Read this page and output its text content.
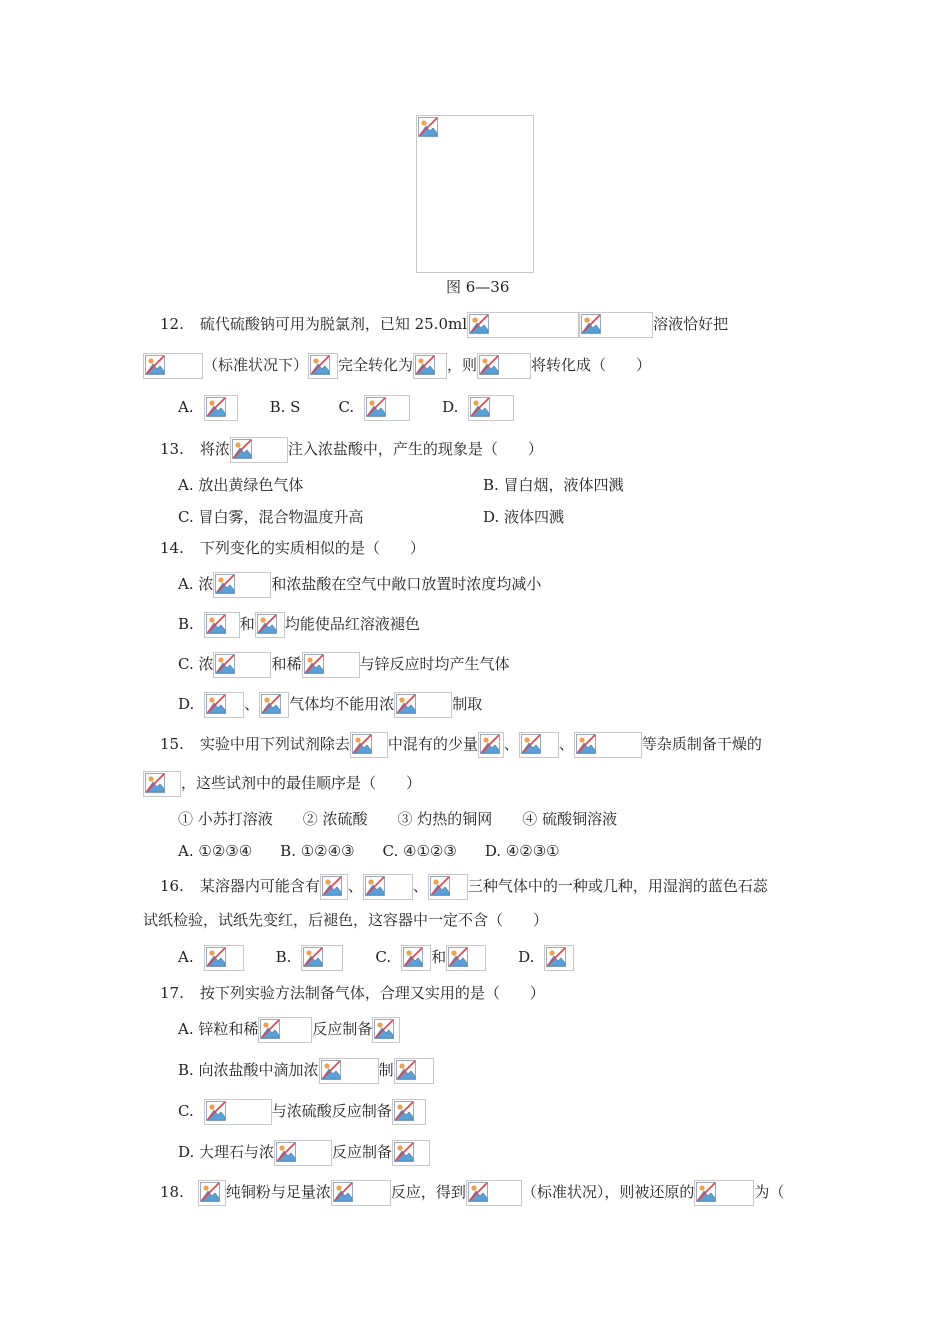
图 6—36
12. 硫代硫酸钠可用为脱氯剂，已知 25.0ml	溶液恰好把
（标准状况下） 完全转化为 ，则	将转化成（　　）
A.	B. S	C.	D.
13. 将浓	注入浓盐酸中，产生的现象是（　　）
A. 放出黄绿色气体	B. 冒白烟，液体四溅
C. 冒白雾，混合物温度升高	D. 液体四溅
14. 下列变化的实质相似的是（　　）
A. 浓	和浓盐酸在空气中敞口放置时浓度均减小
B.	和 均能使品红溶液褪色
C. 浓	和稀	与锌反应时均产生气体
D.	、 气体均不能用浓	制取
15. 实验中用下列试剂除去	中混有的少量 、	、	等杂质制备干燥的
，这些试剂中的最佳顺序是（　　）
① 小苏打溶液　　② 浓硫酸　　③ 灼热的铜网　　④ 硫酸铜溶液
A. ①②③④ B. ①②④③ C. ④①②③ D. ④②③①
16. 某溶器内可能含有 、	、	三种气体中的一种或几种，用湿润的蓝色石蕊
试纸检验，试纸先变红，后褪色，这容器中一定不含（　　）
A.	B.	C.	和	D.
17. 按下列实验方法制备气体，合理又实用的是（　　）
A. 锌粒和稀	反应制备
B. 向浓盐酸中滴加浓	制
C.	与浓硫酸反应制备
D. 大理石与浓	反应制备
18.	纯铜粉与足量浓	反应，得到	（标准状况），则被还原的	为（
